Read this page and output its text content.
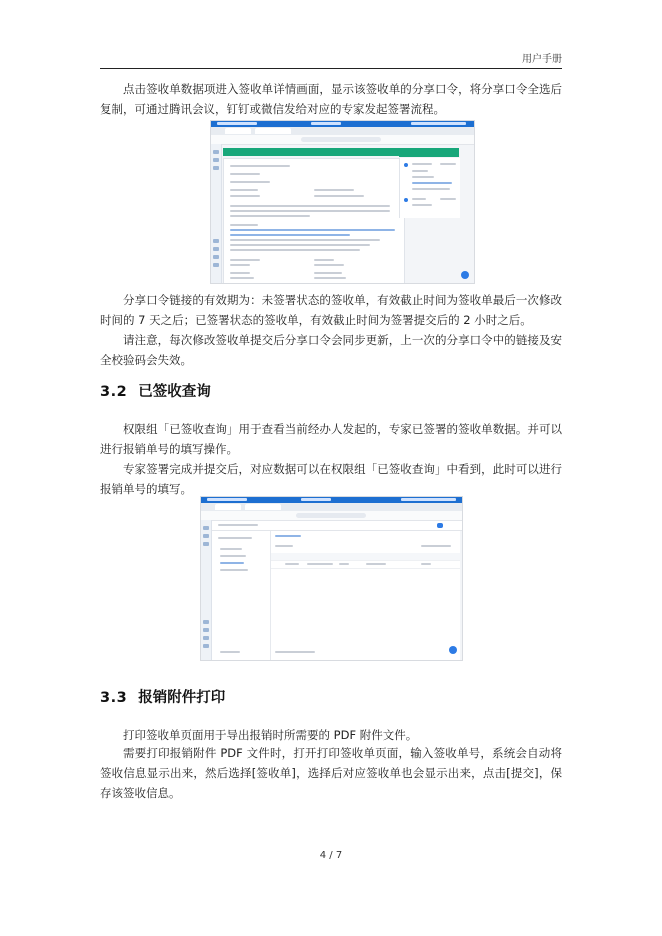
用户手册

点击签收单数据项进入签收单详情画面，显示该签收单的分享口令，将分享口令全选后复制，可通过腾讯会议，钉钉或微信发给对应的专家发起签署流程。

分享口令链接的有效期为：未签署状态的签收单，有效截止时间为签收单最后一次修改时间的 7 天之后；已签署状态的签收单，有效截止时间为签署提交后的 2 小时之后。

请注意，每次修改签收单提交后分享口令会同步更新，上一次的分享口令中的链接及安全校验码会失效。

3.2 已签收查询

权限组「已签收查询」用于查看当前经办人发起的，专家已签署的签收单数据。并可以进行报销单号的填写操作。

专家签署完成并提交后，对应数据可以在权限组「已签收查询」中看到，此时可以进行报销单号的填写。

3.3 报销附件打印

打印签收单页面用于导出报销时所需要的 PDF 附件文件。

需要打印报销附件 PDF 文件时，打开打印签收单页面，输入签收单号，系统会自动将签收信息显示出来，然后选择[签收单]，选择后对应签收单也会显示出来，点击[提交]，保存该签收信息。

4 / 7
